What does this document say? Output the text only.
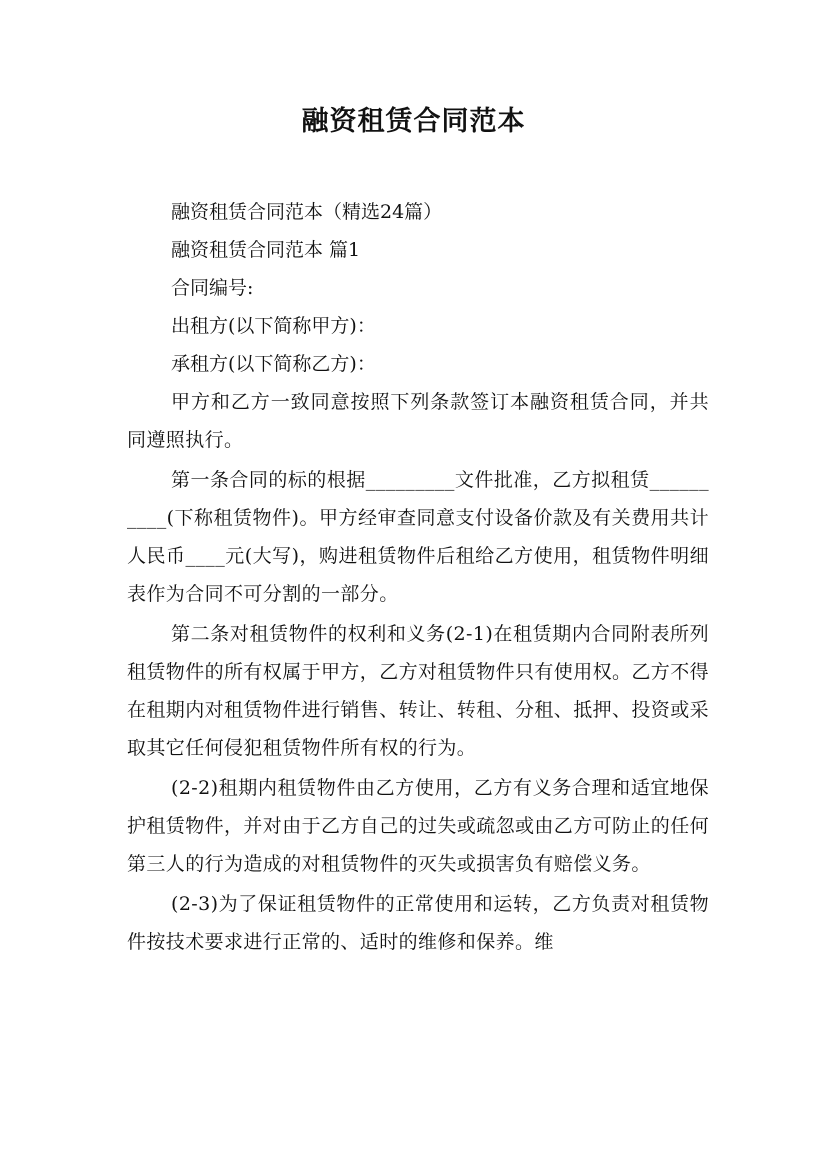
融资租赁合同范本
融资租赁合同范本（精选24篇）
融资租赁合同范本 篇1
合同编号:
出租方(以下简称甲方)：
承租方(以下简称乙方)：

甲方和乙方一致同意按照下列条款签订本融资租赁合同，并共同遵照执行。

第一条合同的标的根据_________文件批准，乙方拟租赁__________(下称租赁物件)。甲方经审查同意支付设备价款及有关费用共计人民币____元(大写)，购进租赁物件后租给乙方使用，租赁物件明细表作为合同不可分割的一部分。

第二条对租赁物件的权利和义务(2-1)在租赁期内合同附表所列租赁物件的所有权属于甲方，乙方对租赁物件只有使用权。乙方不得在租期内对租赁物件进行销售、转让、转租、分租、抵押、投资或采取其它任何侵犯租赁物件所有权的行为。

(2-2)租期内租赁物件由乙方使用，乙方有义务合理和适宜地保护租赁物件，并对由于乙方自己的过失或疏忽或由乙方可防止的任何第三人的行为造成的对租赁物件的灭失或损害负有赔偿义务。

(2-3)为了保证租赁物件的正常使用和运转，乙方负责对租赁物件按技术要求进行正常的、适时的维修和保养。维
